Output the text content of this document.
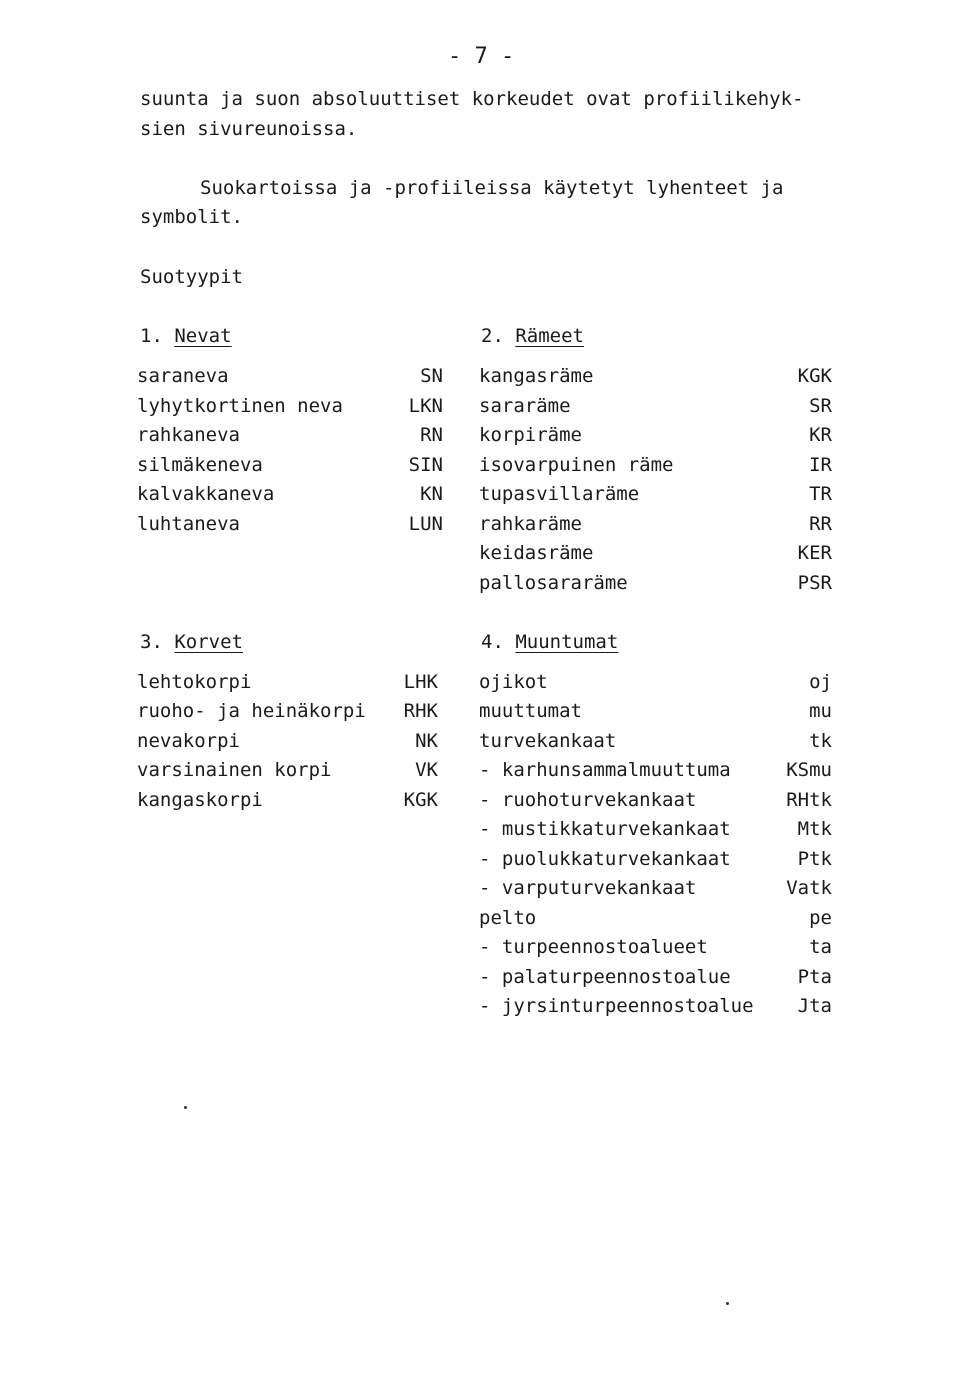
- 7 -
suunta ja suon absoluuttiset korkeudet ovat profiilikehyk-
sien sivureunoissa.
Suokartoissa ja -profiileissa käytetyt lyhenteet ja
symbolit.
Suotyypit
1. Nevat
saraneva	SN
lyhytkortinen neva	LKN
rahkaneva	RN
silmäkeneva	SIN
kalvakkaneva	KN
luhtaneva	LUN
2. Rämeet
kangasräme	KGK
sararäme	SR
korpiräme	KR
isovarpuinen räme	IR
tupasvillaräme	TR
rahkaräme	RR
keidasräme	KER
pallosararäme	PSR
3. Korvet
lehtokorpi	LHK
ruoho- ja heinäkorpi RHK
nevakorpi	NK
varsinainen korpi	VK
kangaskorpi	KGK
4. Muuntumat
ojikot	oj
muuttumat	mu
turvekankaat	tk
- karhunsammalmuuttuma	KSmu
- ruohoturvekankaat	RHtk
- mustikkaturvekankaat	Mtk
- puolukkaturvekankaat	Ptk
- varputurvekankaat	Vatk
pelto	pe
- turpeennostoalueet	ta
- palaturpeennostoalue	Pta
- jyrsinturpeennostoalue Jta
